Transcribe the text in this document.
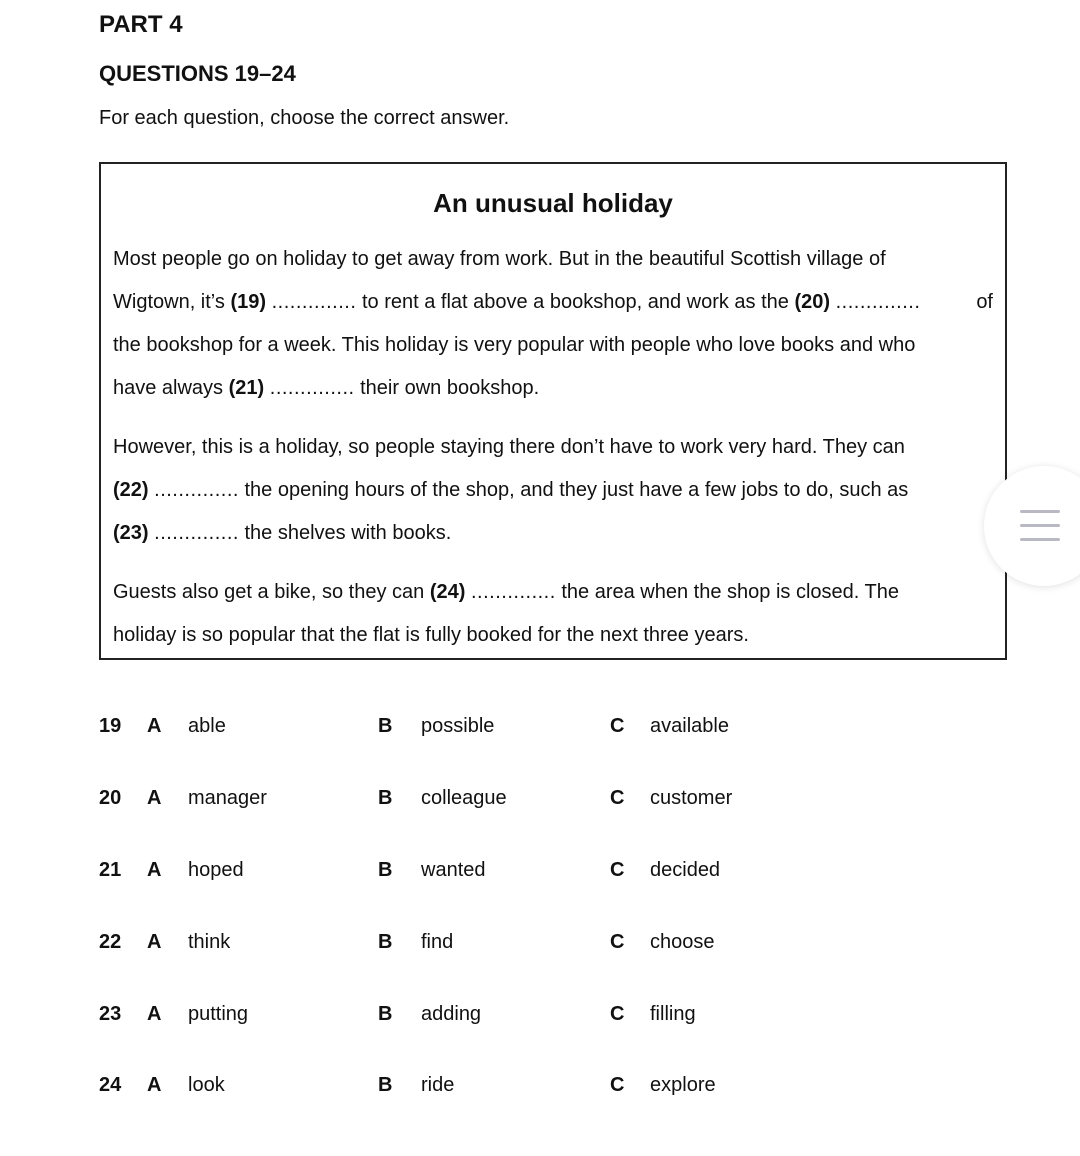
PART 4
QUESTIONS 19–24

For each question, choose the correct answer.

An unusual holiday
Most people go on holiday to get away from work. But in the beautiful Scottish village of
Wigtown, it’s (19) .............. to rent a flat above a bookshop, and work as the (20) ..............	of
the bookshop for a week. This holiday is very popular with people who love books and who
have always (21) .............. their own bookshop.
However, this is a holiday, so people staying there don’t have to work very hard. They can
(22) .............. the opening hours of the shop, and they just have a few jobs to do, such as
(23) .............. the shelves with books.
Guests also get a bike, so they can (24) .............. the area when the shop is closed. The
holiday is so popular that the flat is fully booked for the next three years.
19 A able	B possible	C available
20 A manager	B colleague	C customer
21 A hoped	B wanted	C decided
22 A think	B find	C choose
23 A putting	B adding	C filling
24 A look	B ride	C explore
